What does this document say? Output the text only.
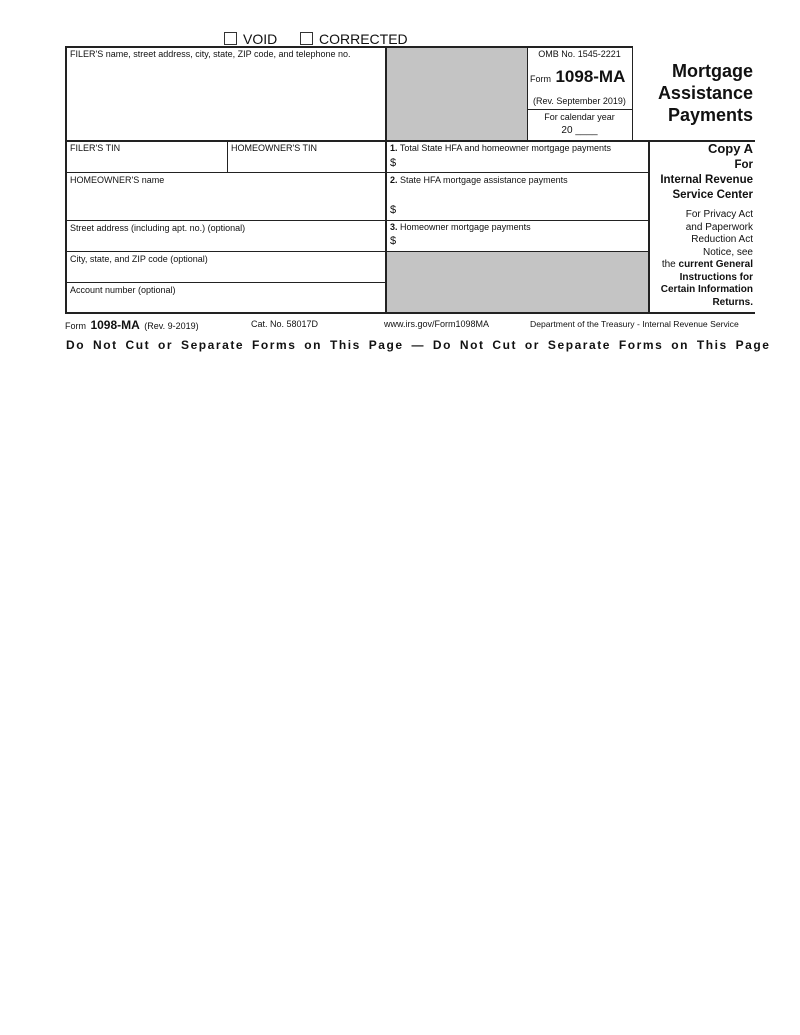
VOID	CORRECTED
FILER'S name, street address, city, state, ZIP code, and telephone no.
FILER'S TIN	HOMEOWNER'S TIN
HOMEOWNER'S name
Street address (including apt. no.) (optional)
City, state, and ZIP code (optional)
Account number (optional)
OMB No. 1545-2221
Form 1098-MA
(Rev. September 2019)
For calendar year
20 ____
Mortgage
Assistance
Payments
1. Total State HFA and homeowner mortgage payments
$
2. State HFA mortgage assistance payments
$
3. Homeowner mortgage payments
$
Copy A
For
Internal Revenue
Service Center
For Privacy Act
and Paperwork
Reduction Act
Notice, see
the current General
Instructions for
Certain Information
Returns.
Form 1098-MA (Rev. 9-2019)	Cat. No. 58017D	www.irs.gov/Form1098MA	Department of the Treasury - Internal Revenue Service
Do Not Cut or Separate Forms on This Page — Do Not Cut or Separate Forms on This Page
